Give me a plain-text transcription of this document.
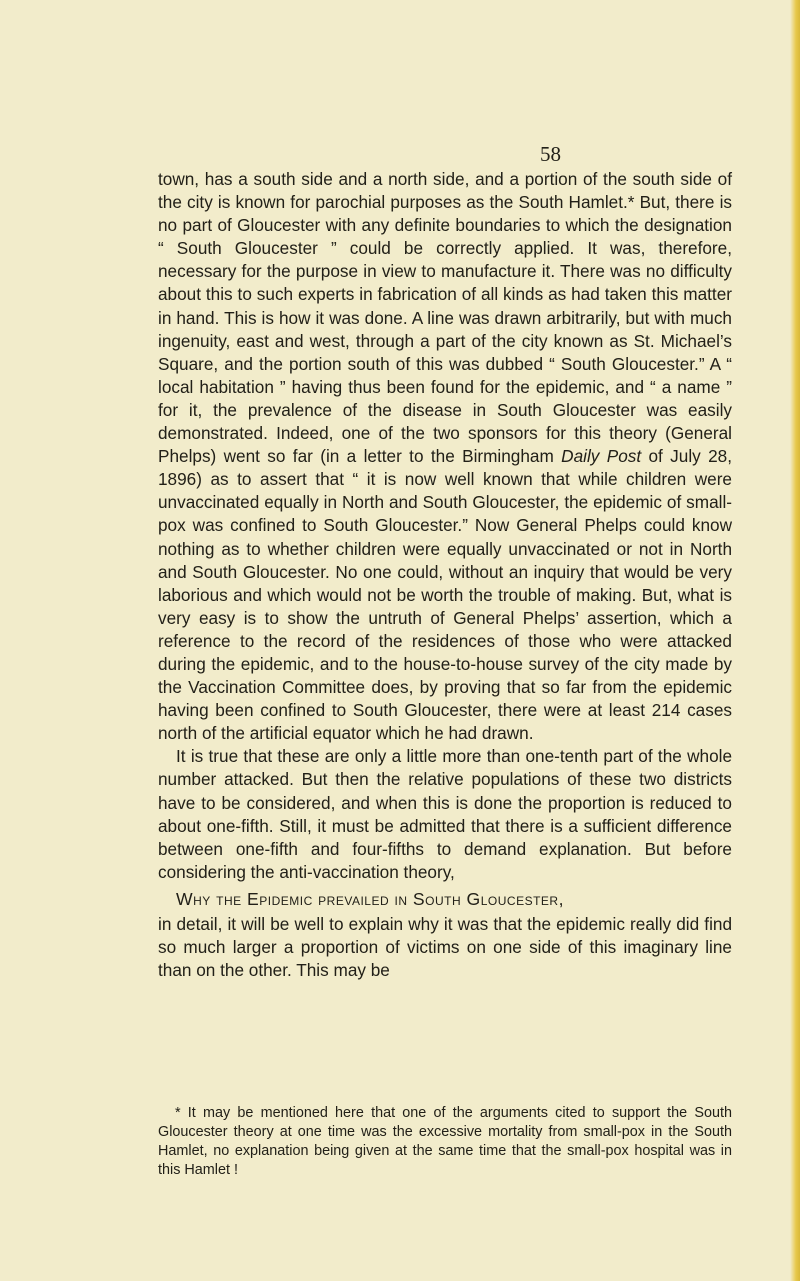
58

town, has a south side and a north side, and a portion of the south side of the city is known for parochial purposes as the South Hamlet.* But, there is no part of Gloucester with any definite boundaries to which the designation “ South Gloucester ” could be correctly applied. It was, therefore, necessary for the purpose in view to manufacture it. There was no difficulty about this to such experts in fabrication of all kinds as had taken this matter in hand. This is how it was done. A line was drawn arbitrarily, but with much ingenuity, east and west, through a part of the city known as St. Michael’s Square, and the portion south of this was dubbed “ South Gloucester.” A “ local habitation ” having thus been found for the epidemic, and “ a name ” for it, the prevalence of the disease in South Gloucester was easily demonstrated. Indeed, one of the two sponsors for this theory (General Phelps) went so far (in a letter to the Birmingham Daily Post of July 28, 1896) as to assert that “ it is now well known that while children were unvaccinated equally in North and South Gloucester, the epidemic of small-pox was confined to South Gloucester.” Now General Phelps could know nothing as to whether children were equally unvaccinated or not in North and South Gloucester. No one could, without an inquiry that would be very laborious and which would not be worth the trouble of making. But, what is very easy is to show the untruth of General Phelps’ assertion, which a reference to the record of the residences of those who were attacked during the epidemic, and to the house-to-house survey of the city made by the Vaccination Committee does, by proving that so far from the epidemic having been confined to South Gloucester, there were at least 214 cases north of the artificial equator which he had drawn.

It is true that these are only a little more than one-tenth part of the whole number attacked. But then the relative populations of these two districts have to be considered, and when this is done the proportion is reduced to about one-fifth. Still, it must be admitted that there is a sufficient difference between one-fifth and four-fifths to demand explanation. But before considering the anti-vaccination theory,

Why the Epidemic prevailed in South Gloucester,

in detail, it will be well to explain why it was that the epidemic really did find so much larger a proportion of victims on one side of this imaginary line than on the other. This may be

* It may be mentioned here that one of the arguments cited to support the South Gloucester theory at one time was the excessive mortality from small-pox in the South Hamlet, no explanation being given at the same time that the small-pox hospital was in this Hamlet !
